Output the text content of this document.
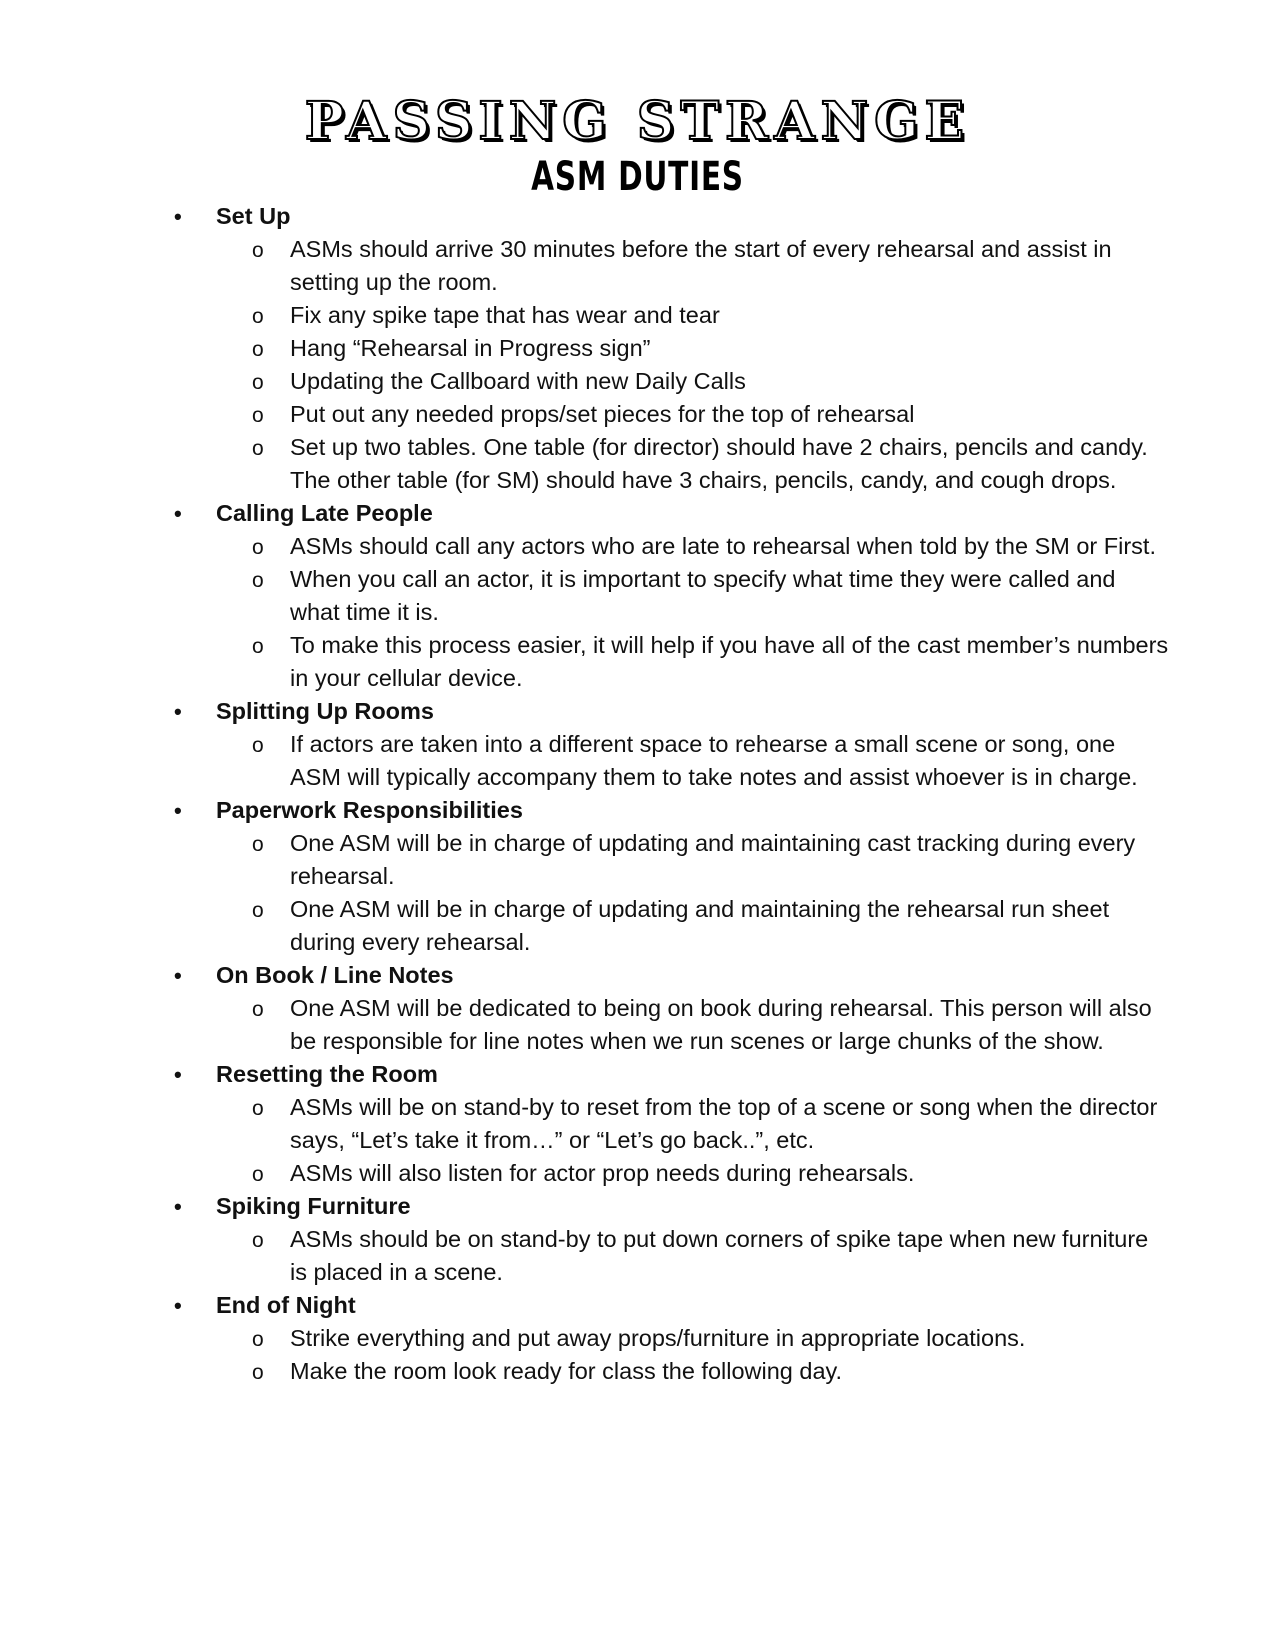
PASSING STRANGE
ASM DUTIES
• Set Up
o ASMs should arrive 30 minutes before the start of every rehearsal and assist in setting up the room.
o Fix any spike tape that has wear and tear
o Hang “Rehearsal in Progress sign”
o Updating the Callboard with new Daily Calls
o Put out any needed props/set pieces for the top of rehearsal
o Set up two tables. One table (for director) should have 2 chairs, pencils and candy. The other table (for SM) should have 3 chairs, pencils, candy, and cough drops.
• Calling Late People
o ASMs should call any actors who are late to rehearsal when told by the SM or First.
o When you call an actor, it is important to specify what time they were called and what time it is.
o To make this process easier, it will help if you have all of the cast member’s numbers in your cellular device.
• Splitting Up Rooms
o If actors are taken into a different space to rehearse a small scene or song, one ASM will typically accompany them to take notes and assist whoever is in charge.
• Paperwork Responsibilities
o One ASM will be in charge of updating and maintaining cast tracking during every rehearsal.
o One ASM will be in charge of updating and maintaining the rehearsal run sheet during every rehearsal.
• On Book / Line Notes
o One ASM will be dedicated to being on book during rehearsal. This person will also be responsible for line notes when we run scenes or large chunks of the show.
• Resetting the Room
o ASMs will be on stand-by to reset from the top of a scene or song when the director says, “Let’s take it from…” or “Let’s go back..”, etc.
o ASMs will also listen for actor prop needs during rehearsals.
• Spiking Furniture
o ASMs should be on stand-by to put down corners of spike tape when new furniture is placed in a scene.
• End of Night
o Strike everything and put away props/furniture in appropriate locations.
o Make the room look ready for class the following day.
